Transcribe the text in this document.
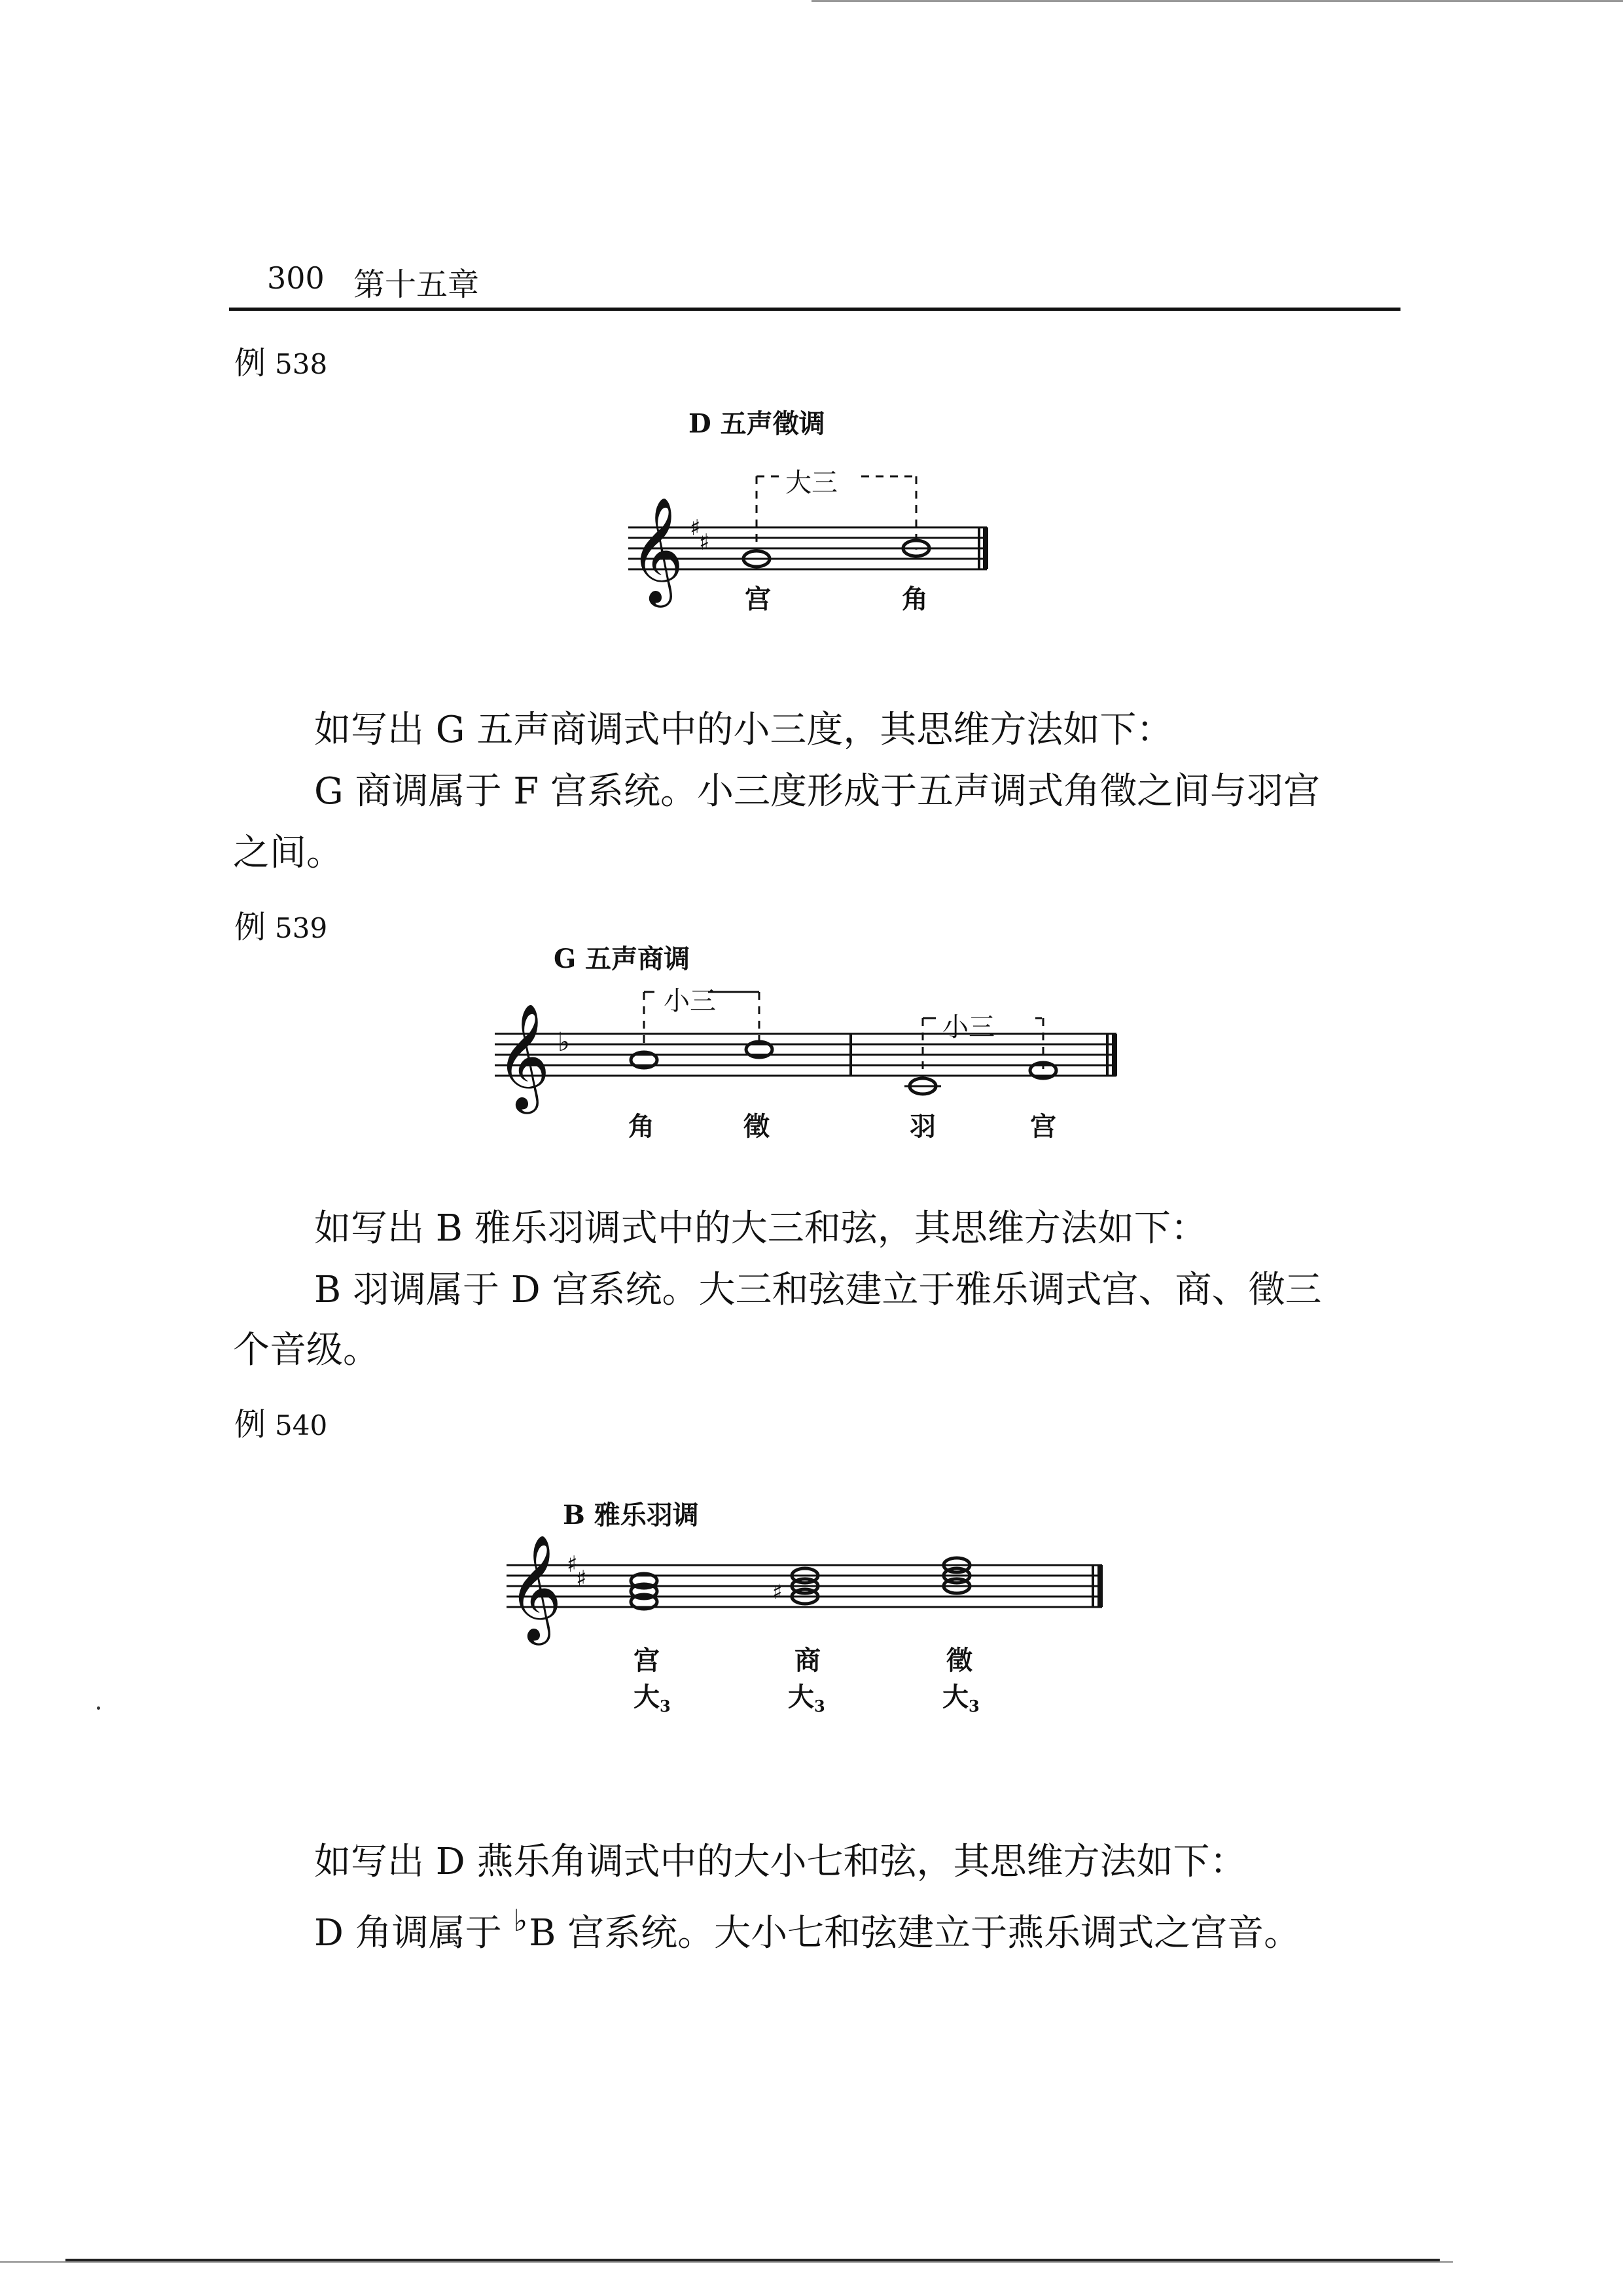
300 第十五章
例 538
D 五声徵调
𝄞 ♯
♯
大三
宫	角
如写出 G 五声商调式中的小三度，其思维方法如下：
G 商调属于 F 宫系统。小三度形成于五声调式角徵之间与羽宫
之间。
例 539
G 五声商调
𝄞 ♭
小三
小三
角	徵	羽	宫
如写出 B 雅乐羽调式中的大三和弦，其思维方法如下：
B 羽调属于 D 宫系统。大三和弦建立于雅乐调式宫、商、徵三
个音级。
例 540
B 雅乐羽调
𝄞 ♯
♯	♯
宫	商	徵
大$_3$	大$_3$	大$_3$
如写出 D 燕乐角调式中的大小七和弦，其思维方法如下：
D 角调属于 ♭B 宫系统。大小七和弦建立于燕乐调式之宫音。
